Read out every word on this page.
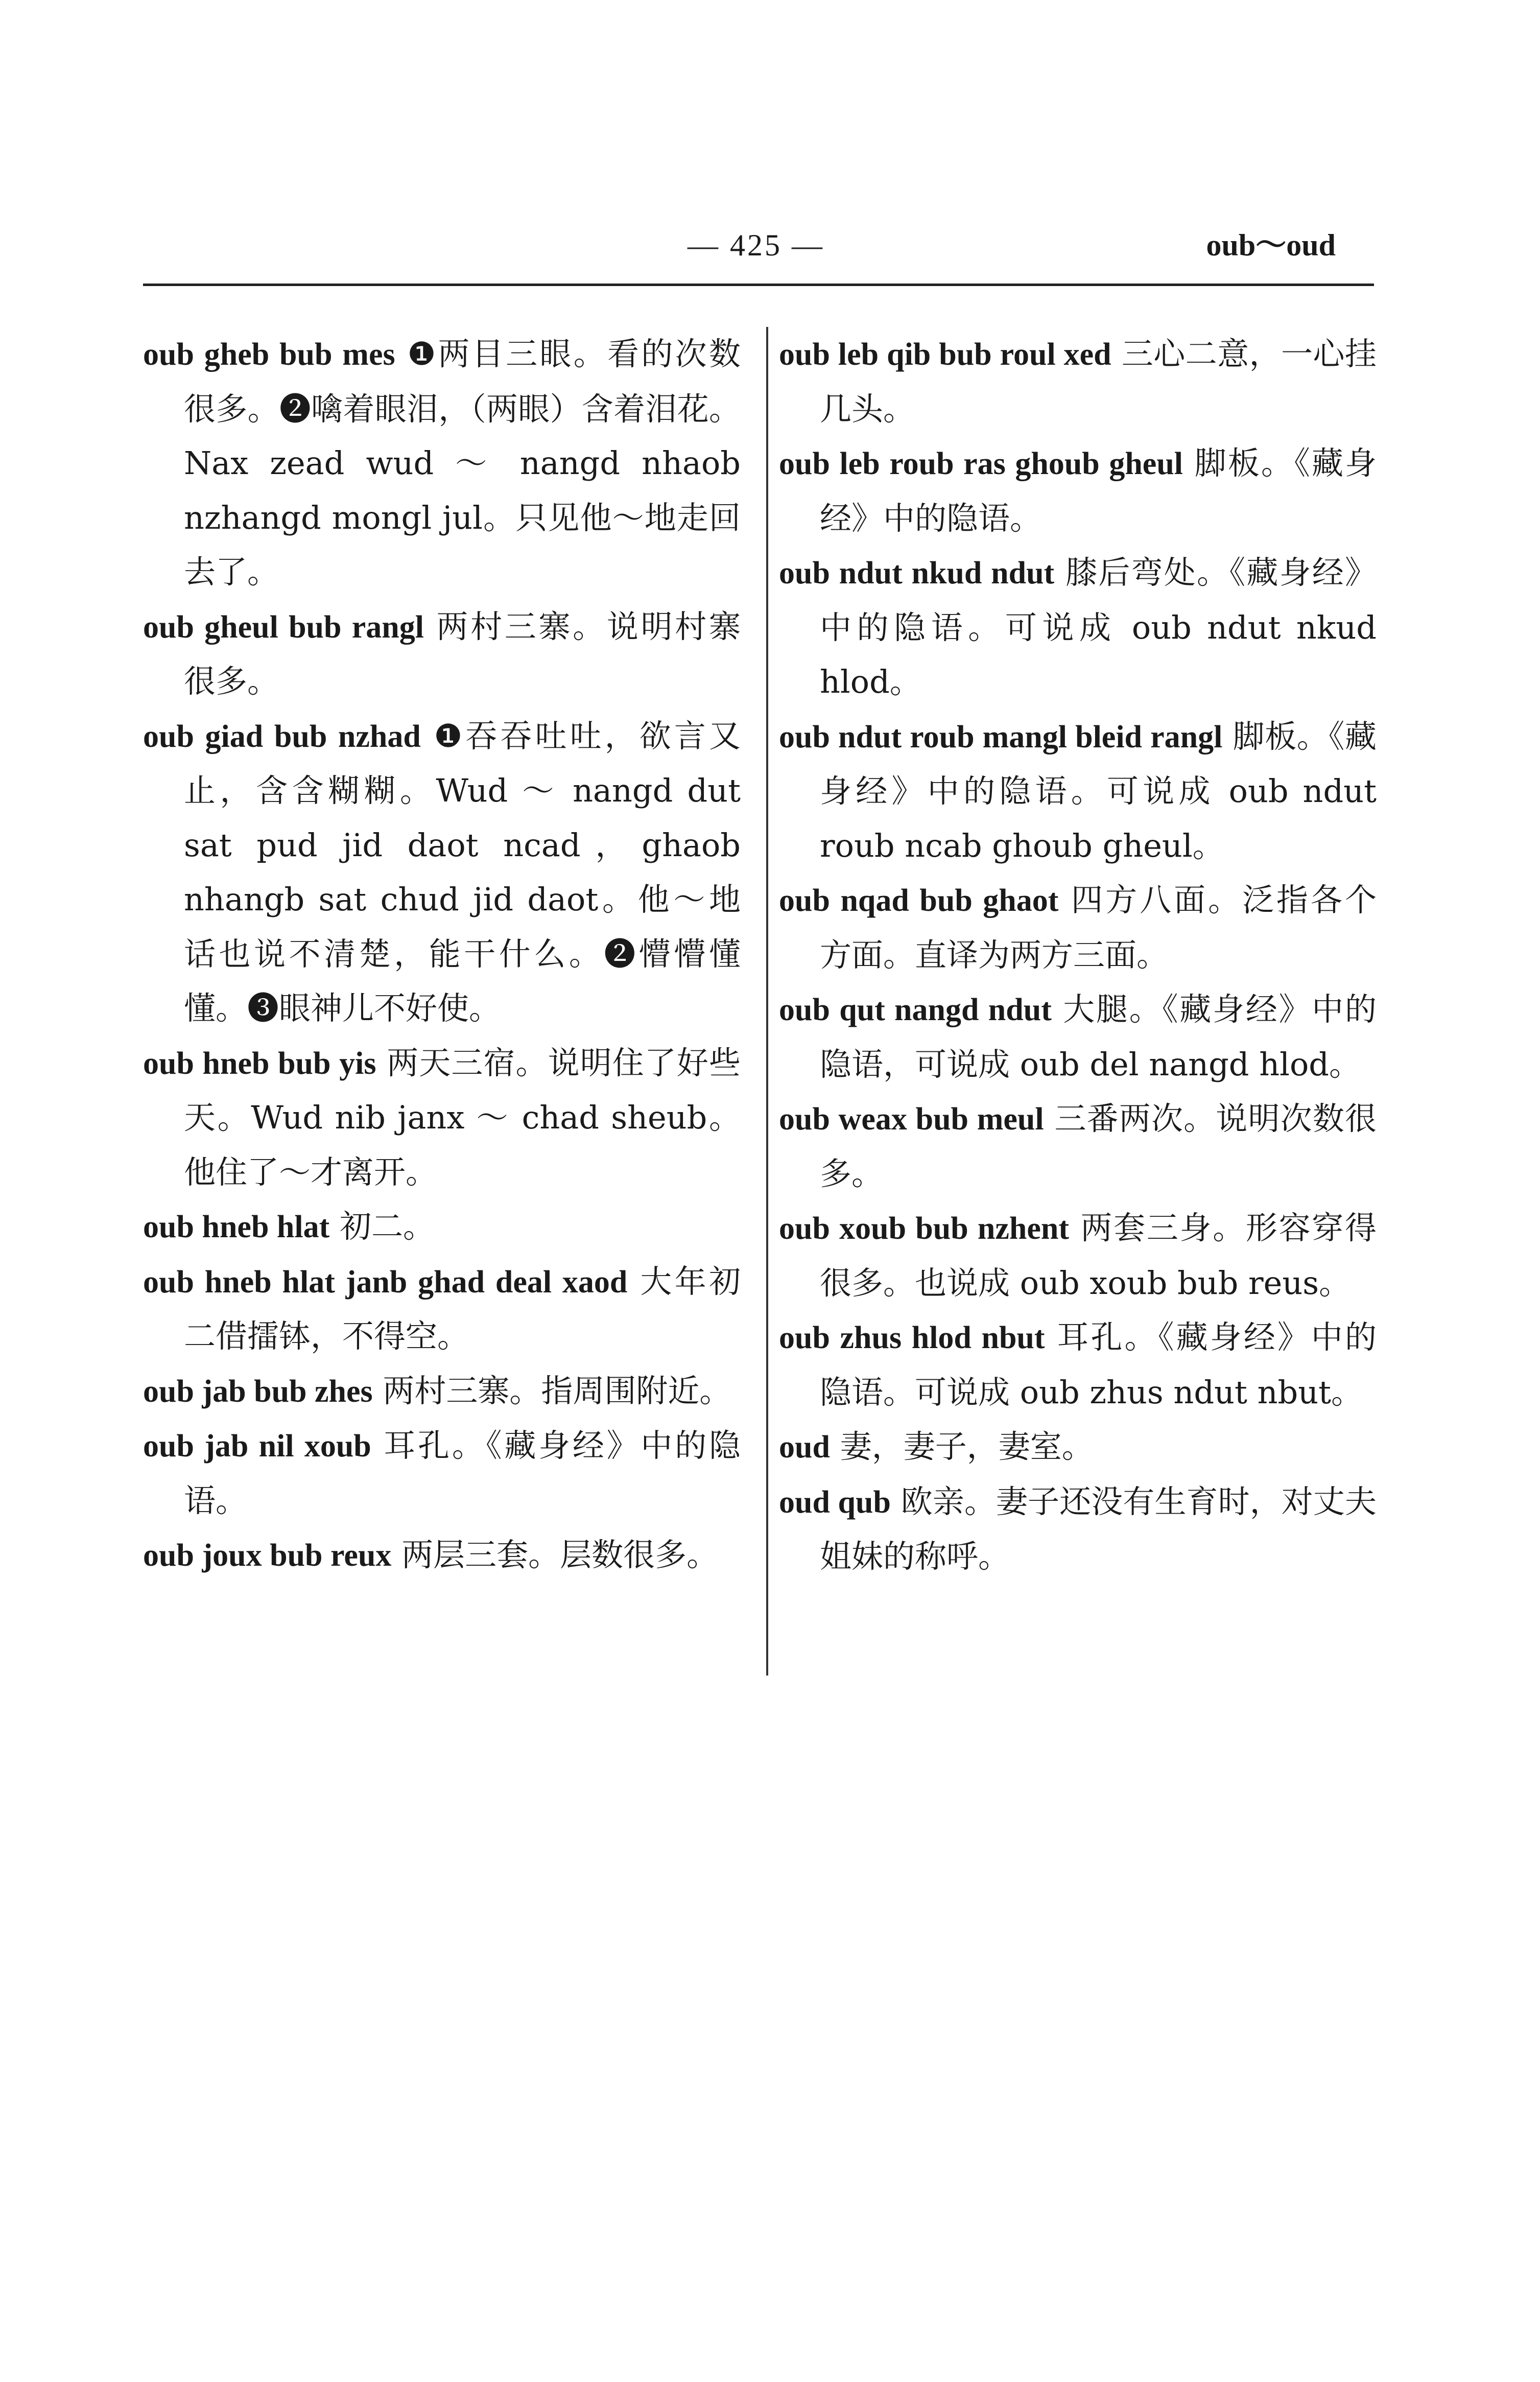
— 425 —	oub～oud

oub gheb bub mes ❶两目三眼。看的次数很多。❷噙着眼泪，（两眼）含着泪花。Nax zead wud ～ nangd nhaob nzhangd mongl jul。只见他～地走回去了。

oub gheul bub rangl 两村三寨。说明村寨很多。

oub giad bub nzhad ❶吞吞吐吐，欲言又止，含含糊糊。Wud ～ nangd dut sat pud jid daot ncad，ghaob nhangb sat chud jid daot。他～地话也说不清楚，能干什么。❷懵懵懂懂。❸眼神儿不好使。

oub hneb bub yis 两天三宿。说明住了好些天。Wud nib janx ～ chad sheub。他住了～才离开。

oub hneb hlat 初二。

oub hneb hlat janb ghad deal xaod 大年初二借擂钵，不得空。

oub jab bub zhes 两村三寨。指周围附近。

oub jab nil xoub 耳孔。《藏身经》中的隐语。

oub joux bub reux 两层三套。层数很多。

oub leb qib bub roul xed 三心二意，一心挂几头。

oub leb roub ras ghoub gheul 脚板。《藏身经》中的隐语。

oub ndut nkud ndut 膝后弯处。《藏身经》中的隐语。可说成 oub ndut nkud hlod。

oub ndut roub mangl bleid rangl 脚板。《藏身经》中的隐语。可说成 oub ndut roub ncab ghoub gheul。

oub nqad bub ghaot 四方八面。泛指各个方面。直译为两方三面。

oub qut nangd ndut 大腿。《藏身经》中的隐语，可说成 oub del nangd hlod。

oub weax bub meul 三番两次。说明次数很多。

oub xoub bub nzhent 两套三身。形容穿得很多。也说成 oub xoub bub reus。

oub zhus hlod nbut 耳孔。《藏身经》中的隐语。可说成 oub zhus ndut nbut。

oud 妻，妻子，妻室。

oud qub 欧亲。妻子还没有生育时，对丈夫姐妹的称呼。
